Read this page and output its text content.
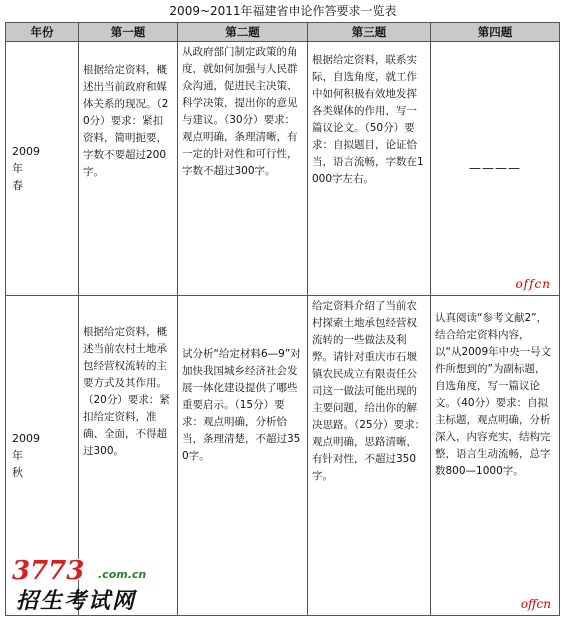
2009~2011年福建省申论作答要求一览表
年份	第一题	第二题	第三题	第四题

2009　　年
春	根据给定资料，概述出当前政府和媒体关系的现况。（20分）要求：紧扣资料，简明扼要，字数不要超过200字。	从政府部门制定政策的角度，就如何加强与人民群众沟通，促进民主决策、科学决策，提出你的意见与建议。（30分）要求：观点明确，条理清晰，有一定的针对性和可行性，字数不超过300字。	根据给定资料，联系实际，自选角度，就工作中如何积极有效地发挥各类媒体的作用，写一篇议论文。（50分）要求：自拟题目，论证恰当，语言流畅，字数在1000字左右。	————
offcn

2009　　年
秋	根据给定资料，概述当前农村土地承包经营权流转的主要方式及其作用。（20分）要求：紧扣给定资料，准确、全面，不得超过300。	试分析“给定材料6—9”对加快我国城乡经济社会发展一体化建设提供了哪些重要启示。（15分）要求：观点明确，分析恰当，条理清楚，不超过350字。	给定资料介绍了当前农村探索土地承包经营权流转的一些做法及利弊。请针对重庆市石堰镇农民成立有限责任公司这一做法可能出现的主要问题，给出你的解决思路。（25分）要求：观点明确，思路清晰，有针对性，不超过350字。	认真阅读“参考文献2”，结合给定资料内容，以“从2009年中央一号文件所想到的”为副标题，自选角度，写一篇议论文。（40分）要求：自拟主标题，观点明确，分析深入，内容充实，结构完整，语言生动流畅，总字数800—1000字。
offcn
3773 .com.cn
招生考试网
